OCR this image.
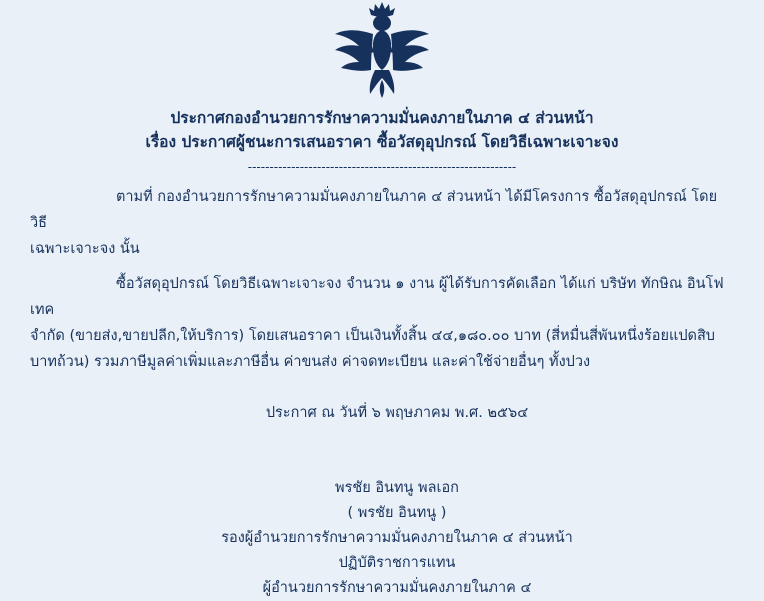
ประกาศกองอำนวยการรักษาความมั่นคงภายในภาค ๔ ส่วนหน้า
เรื่อง ประกาศผู้ชนะการเสนอราคา ซื้อวัสดุอุปกรณ์ โดยวิธีเฉพาะเจาะจง
--------------------------------------------------------------

ตามที่ กองอำนวยการรักษาความมั่นคงภายในภาค ๔ ส่วนหน้า ได้มีโครงการ ซื้อวัสดุอุปกรณ์ โดยวิธี
เฉพาะเจาะจง นั้น

ซื้อวัสดุอุปกรณ์ โดยวิธีเฉพาะเจาะจง จำนวน ๑ งาน ผู้ได้รับการคัดเลือก ได้แก่ บริษัท ทักษิณ อินโฟเทค
จำกัด (ขายส่ง,ขายปลีก,ให้บริการ) โดยเสนอราคา เป็นเงินทั้งสิ้น ๔๔,๑๘๐.๐๐ บาท (สี่หมื่นสี่พันหนึ่งร้อยแปดสิบ
บาทถ้วน) รวมภาษีมูลค่าเพิ่มและภาษีอื่น ค่าขนส่ง ค่าจดทะเบียน และค่าใช้จ่ายอื่นๆ ทั้งปวง

ประกาศ ณ วันที่ ๖ พฤษภาคม พ.ศ. ๒๕๖๔
พรชัย อินทนู พลเอก
( พรชัย อินทนู )
รองผู้อำนวยการรักษาความมั่นคงภายในภาค ๔ ส่วนหน้า
ปฏิบัติราชการแทน
ผู้อำนวยการรักษาความมั่นคงภายในภาค ๔
